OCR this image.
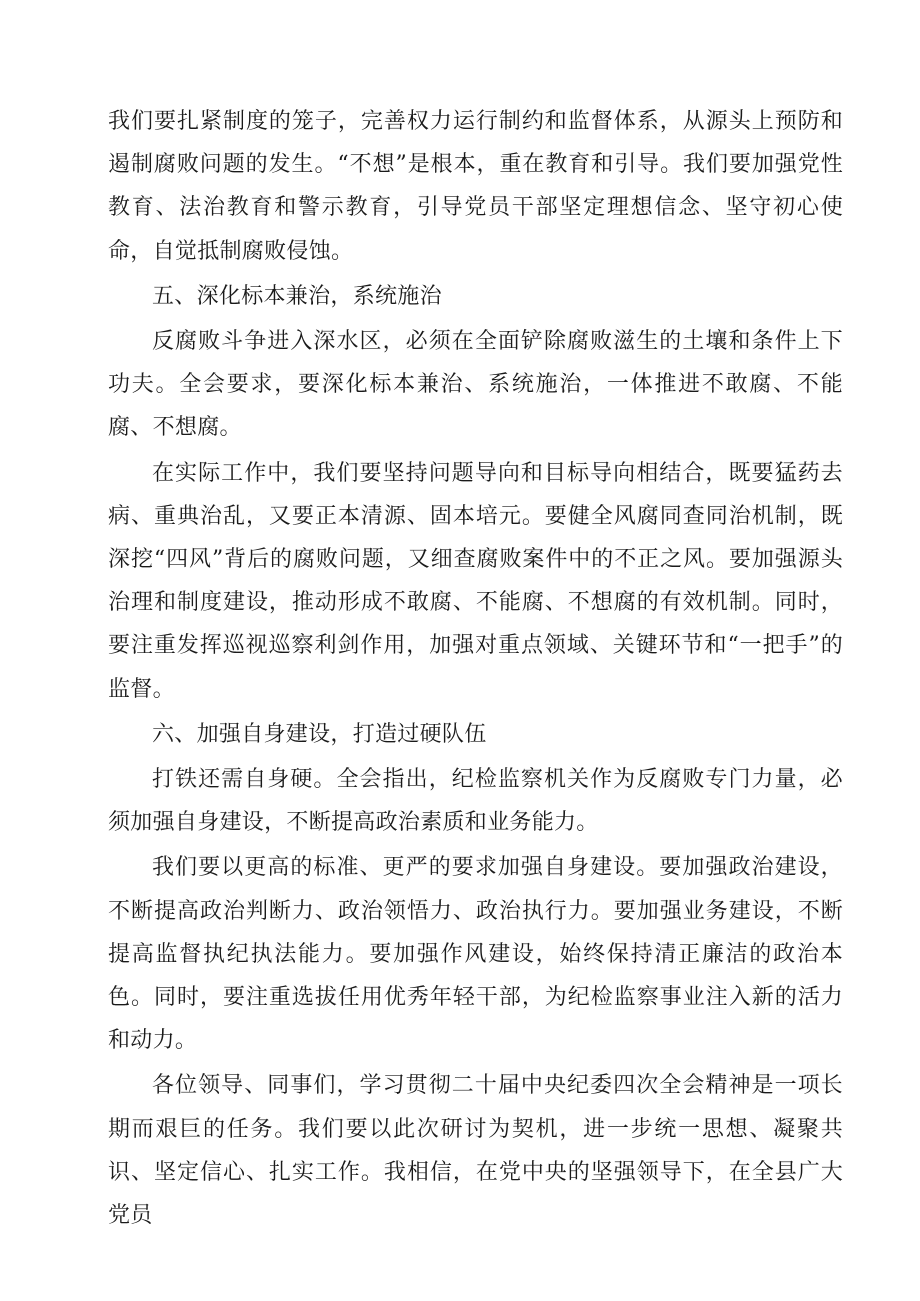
我们要扎紧制度的笼子，完善权力运行制约和监督体系，从源头上预防和遏制腐败问题的发生。“不想”是根本，重在教育和引导。我们要加强党性教育、法治教育和警示教育，引导党员干部坚定理想信念、坚守初心使命，自觉抵制腐败侵蚀。

五、深化标本兼治，系统施治

反腐败斗争进入深水区，必须在全面铲除腐败滋生的土壤和条件上下功夫。全会要求，要深化标本兼治、系统施治，一体推进不敢腐、不能腐、不想腐。

在实际工作中，我们要坚持问题导向和目标导向相结合，既要猛药去病、重典治乱，又要正本清源、固本培元。要健全风腐同查同治机制，既深挖“四风”背后的腐败问题，又细查腐败案件中的不正之风。要加强源头治理和制度建设，推动形成不敢腐、不能腐、不想腐的有效机制。同时，要注重发挥巡视巡察利剑作用，加强对重点领域、关键环节和“一把手”的监督。

六、加强自身建设，打造过硬队伍

打铁还需自身硬。全会指出，纪检监察机关作为反腐败专门力量，必须加强自身建设，不断提高政治素质和业务能力。

我们要以更高的标准、更严的要求加强自身建设。要加强政治建设，不断提高政治判断力、政治领悟力、政治执行力。要加强业务建设，不断提高监督执纪执法能力。要加强作风建设，始终保持清正廉洁的政治本色。同时，要注重选拔任用优秀年轻干部，为纪检监察事业注入新的活力和动力。

各位领导、同事们，学习贯彻二十届中央纪委四次全会精神是一项长期而艰巨的任务。我们要以此次研讨为契机，进一步统一思想、凝聚共识、坚定信心、扎实工作。我相信，在党中央的坚强领导下，在全县广大党员
